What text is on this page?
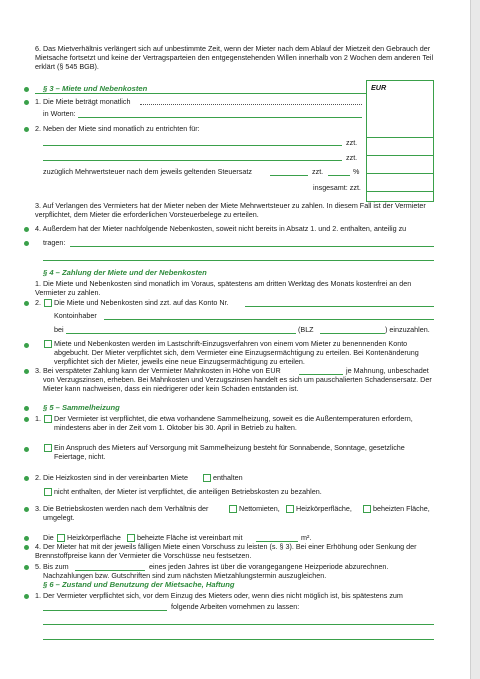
6. Das Mietverhältnis verlängert sich auf unbestimmte Zeit, wenn der Mieter nach dem Ablauf der Mietzeit den Gebrauch der Mietsache fortsetzt und keine der Vertragsparteien den entgegenstehenden Willen innerhalb von 2 Wochen dem anderen Teil erklärt (§ 545 BGB).
§ 3 – Miete und Nebenkosten	EUR
1. Die Miete beträgt monatlich
in Worten:
2. Neben der Miete sind monatlich zu entrichten für:
zzt.
zzt.
zuzüglich Mehrwertsteuer nach dem jeweils geltenden Steuersatz	zzt.	%
insgesamt: zzt.
3. Auf Verlangen des Vermieters hat der Mieter neben der Miete Mehrwertsteuer zu zahlen. In diesem Fall ist der Vermieter verpflichtet, dem Mieter die erforderlichen Vorsteuerbelege zu erteilen.
4. Außerdem hat der Mieter nachfolgende Nebenkosten, soweit nicht bereits in Absatz 1. und 2. enthalten, anteilig zu
tragen:
§ 4 – Zahlung der Miete und der Nebenkosten
1. Die Miete und Nebenkosten sind monatlich im Voraus, spätestens am dritten Werktag des Monats kostenfrei an den Vermieter zu zahlen.
2. Die Miete und Nebenkosten sind zzt. auf das Konto Nr.
Kontoinhaber
bei	(BLZ	) einzuzahlen.
Miete und Nebenkosten werden im Lastschrift-Einzugsverfahren von einem vom Mieter zu benennenden Konto abgebucht. Der Mieter verpflichtet sich, dem Vermieter eine Einzugsermächtigung zu erteilen. Bei Kontenänderung verpflichtet sich der Mieter, jeweils eine neue Einzugsermächtigung zu erteilen.
3. Bei verspäteter Zahlung kann der Vermieter Mahnkosten in Höhe von EUR	je Mahnung, unbeschadet
von Verzugszinsen, erheben. Bei Mahnkosten und Verzugszinsen handelt es sich um pauschalierten Schadensersatz. Der Mieter kann nachweisen, dass ein niedrigerer oder kein Schaden entstanden ist.
§ 5 – Sammelheizung
1. Der Vermieter ist verpflichtet, die etwa vorhandene Sammelheizung, soweit es die Außentemperaturen erfordern, mindestens aber in der Zeit vom 1. Oktober bis 30. April in Betrieb zu halten.
Ein Anspruch des Mieters auf Versorgung mit Sammelheizung besteht für Sonnabende, Sonntage, gesetzliche Feiertage, nicht.
2. Die Heizkosten sind in der vereinbarten Miete	enthalten
nicht enthalten, der Mieter ist verpflichtet, die anteiligen Betriebskosten zu bezahlen.
3. Die Betriebskosten werden nach dem Verhältnis der	Nettomieten, Heizkörperfläche,	beheizten Fläche,
umgelegt.
Die Heizkörperfläche beheizte Fläche ist vereinbart mit	m².
4. Der Mieter hat mit der jeweils fälligen Miete einen Vorschuss zu leisten (s. § 3). Bei einer Erhöhung oder Senkung der Brennstoffpreise kann der Vermieter die Vorschüsse neu festsetzen.
5. Bis zum	eines jeden Jahres ist über die vorangegangene Heizperiode abzurechnen.
Nachzahlungen bzw. Gutschriften sind zum nächsten Mietzahlungstermin auszugleichen.
§ 6 – Zustand und Benutzung der Mietsache, Haftung
1. Der Vermieter verpflichtet sich, vor dem Einzug des Mieters oder, wenn dies nicht möglich ist, bis spätestens zum
folgende Arbeiten vornehmen zu lassen:
